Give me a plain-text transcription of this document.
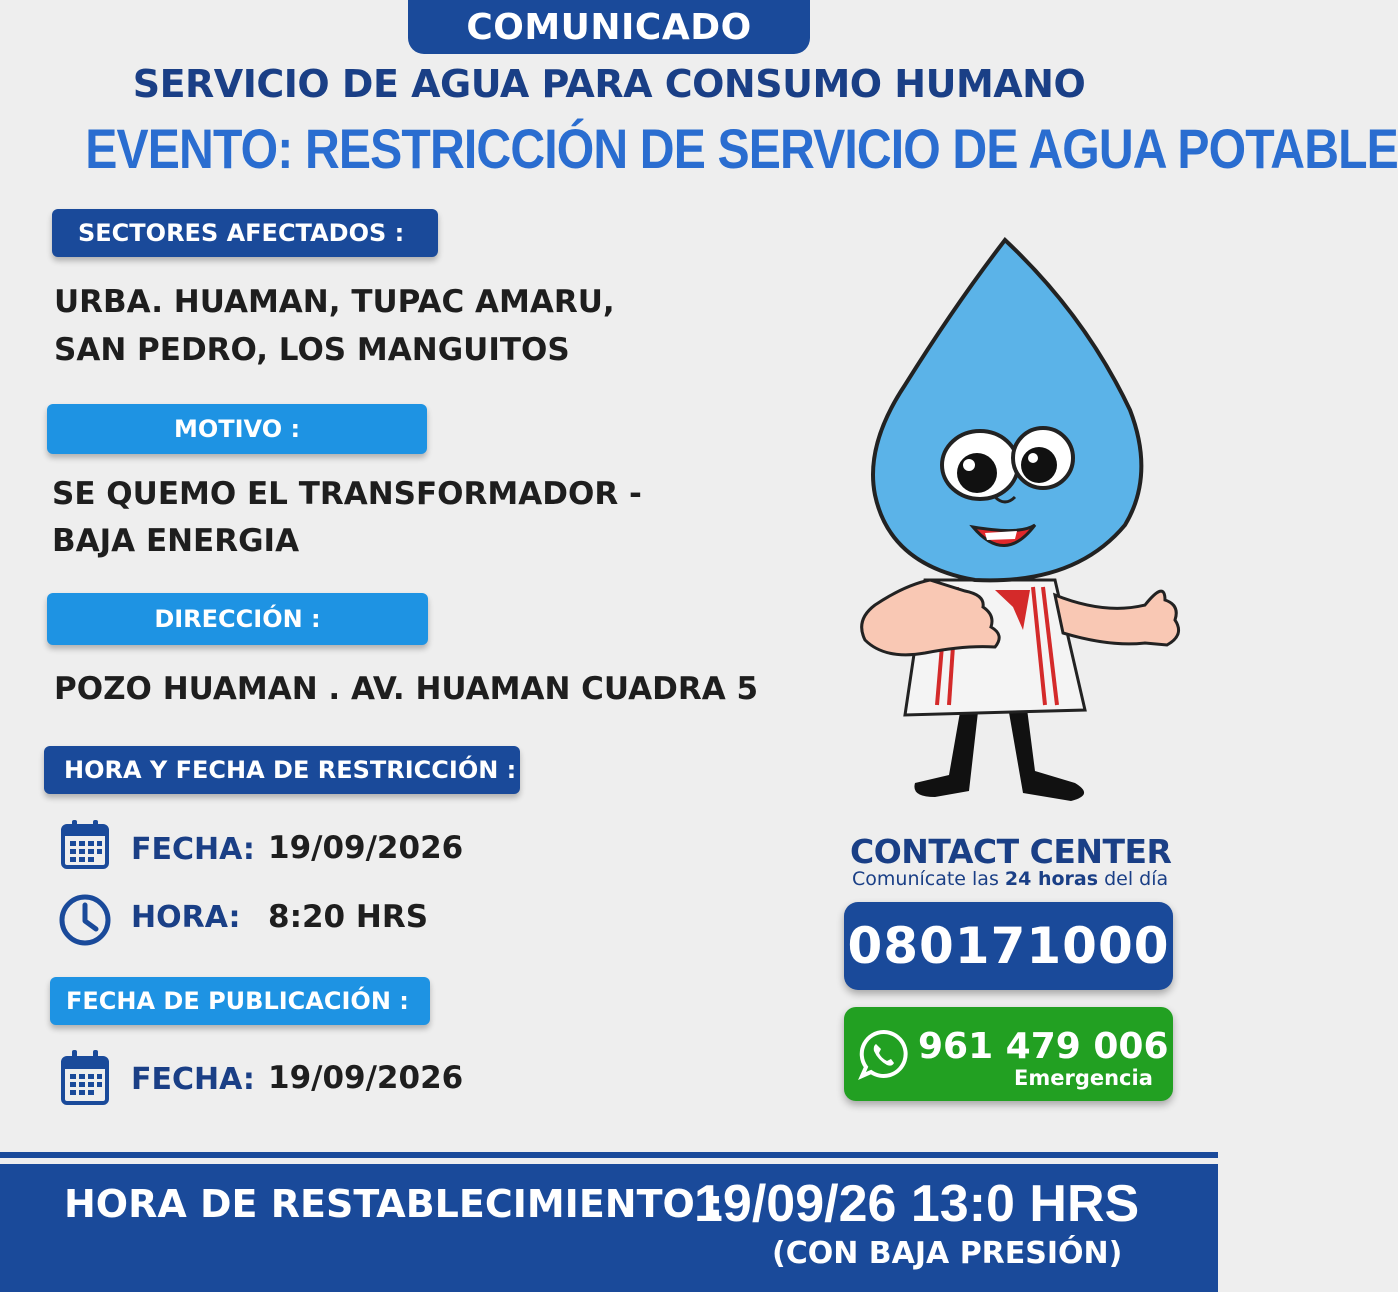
COMUNICADO
SERVICIO DE AGUA PARA CONSUMO HUMANO
EVENTO: RESTRICCIÓN DE SERVICIO DE AGUA POTABLE
SECTORES AFECTADOS :
URBA. HUAMAN, TUPAC AMARU,
SAN PEDRO, LOS MANGUITOS
MOTIVO :
SE QUEMO EL TRANSFORMADOR -
BAJA ENERGIA
DIRECCIÓN :
POZO HUAMAN . AV. HUAMAN CUADRA 5
HORA Y FECHA DE RESTRICCIÓN :
FECHA: 19/09/2026
HORA: 8:20 HRS
FECHA DE PUBLICACIÓN :
FECHA: 19/09/2026
CONTACT CENTER
Comunícate las 24 horas del día
080171000
961 479 006
Emergencia
HORA DE RESTABLECIMIENTO :
19/09/26 13:0 HRS
(CON BAJA PRESIÓN)
